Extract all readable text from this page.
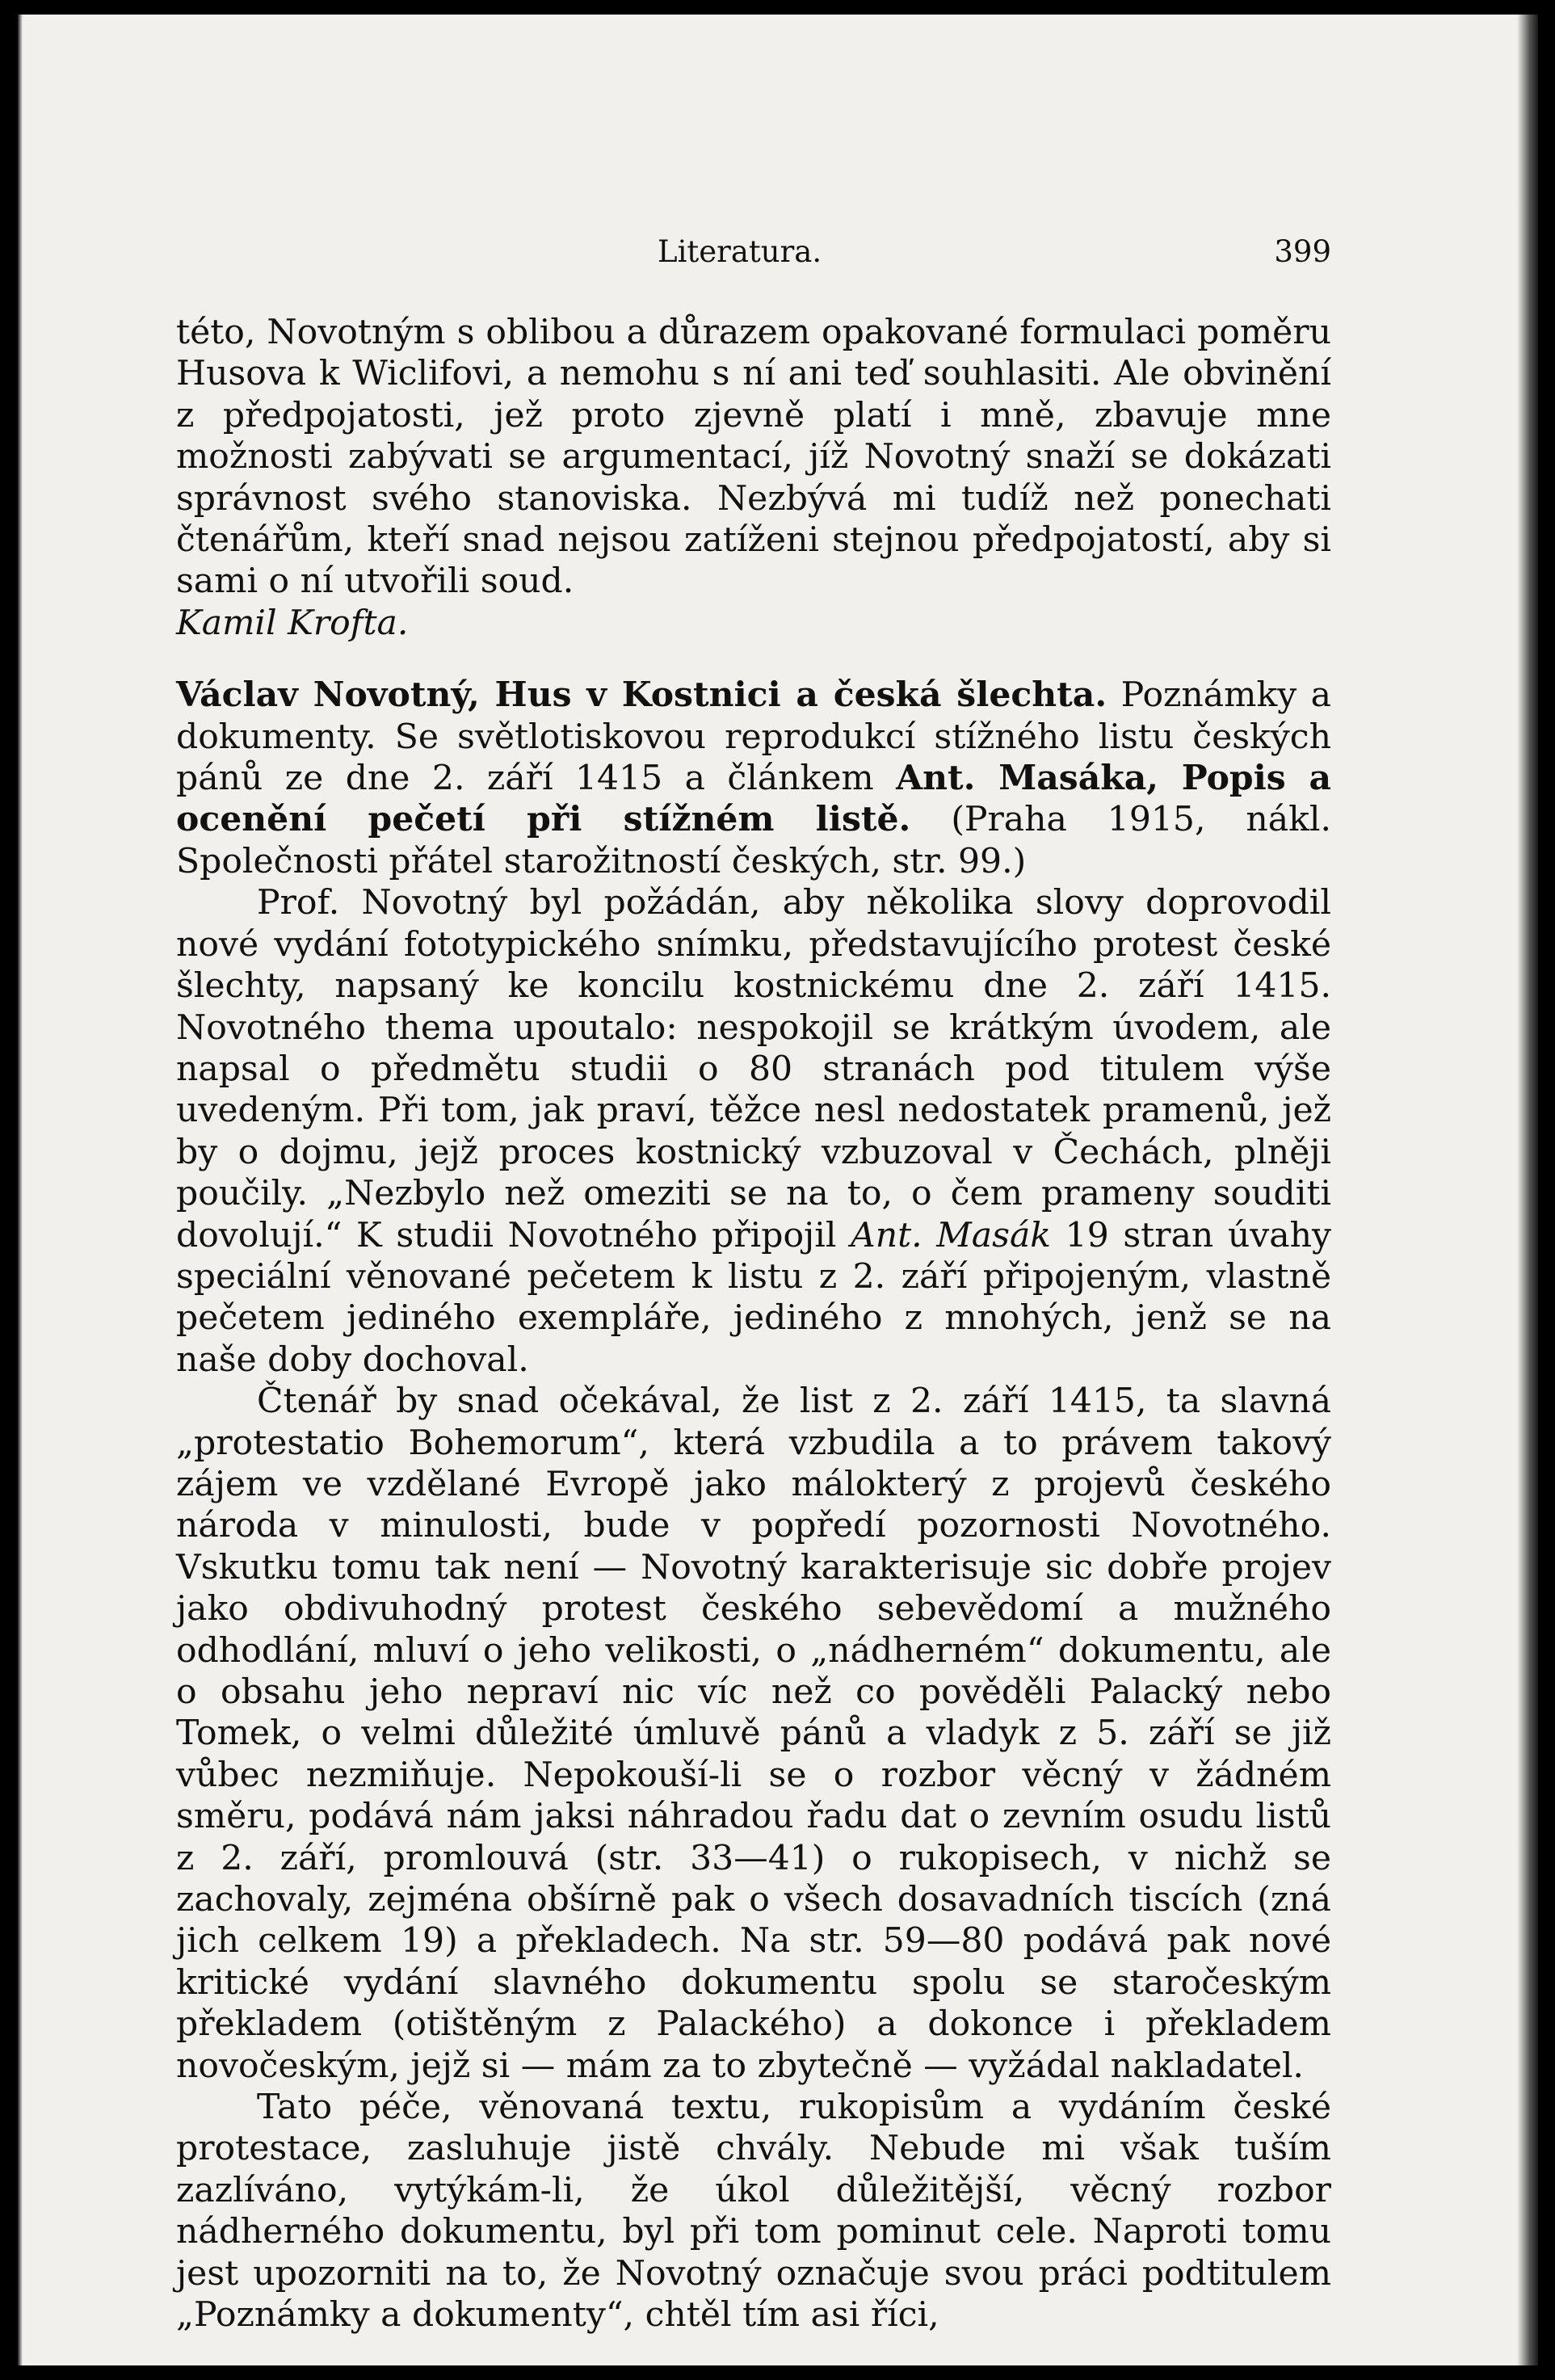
Literatura.	399

této, Novotným s oblibou a důrazem opakované formulaci poměru Husova k Wiclifovi, a nemohu s ní ani teď souhlasiti. Ale obvinění z předpojatosti, jež proto zjevně platí i mně, zbavuje mne možnosti zabývati se argumentací, jíž Novotný snaží se dokázati správnost svého stanoviska. Nezbývá mi tudíž než ponechati čtenářům, kteří snad nejsou zatíženi stejnou předpojatostí, aby si sami o ní utvořili soud.

Kamil Krofta.

Václav Novotný, Hus v Kostnici a česká šlechta. Poznámky a dokumenty. Se světlotiskovou reprodukcí stížného listu českých pánů ze dne 2. září 1415 a článkem Ant. Masáka, Popis a ocenění pečetí při stížném listě. (Praha 1915, nákl. Společnosti přátel starožitností českých, str. 99.)

Prof. Novotný byl požádán, aby několika slovy doprovodil nové vydání fototypického snímku, představujícího protest české šlechty, napsaný ke koncilu kostnickému dne 2. září 1415. Novotného thema upoutalo: nespokojil se krátkým úvodem, ale napsal o předmětu studii o 80 stranách pod titulem výše uvedeným. Při tom, jak praví, těžce nesl nedostatek pramenů, jež by o dojmu, jejž proces kostnický vzbuzoval v Čechách, plněji poučily. „Nezbylo než omeziti se na to, o čem prameny souditi dovolují.“ K studii Novotného připojil Ant. Masák 19 stran úvahy speciální věnované pečetem k listu z 2. září připojeným, vlastně pečetem jediného exempláře, jediného z mnohých, jenž se na naše doby dochoval.

Čtenář by snad očekával, že list z 2. září 1415, ta slavná „protestatio Bohemorum“, která vzbudila a to právem takový zájem ve vzdělané Evropě jako málokterý z projevů českého národa v minulosti, bude v popředí pozornosti Novotného. Vskutku tomu tak není — Novotný karakterisuje sic dobře projev jako obdivuhodný protest českého sebevědomí a mužného odhodlání, mluví o jeho velikosti, o „nádherném“ dokumentu, ale o obsahu jeho nepraví nic víc než co pověděli Palacký nebo Tomek, o velmi důležité úmluvě pánů a vladyk z 5. září se již vůbec nezmiňuje. Nepokouší-li se o rozbor věcný v žádném směru, podává nám jaksi náhradou řadu dat o zevním osudu listů z 2. září, promlouvá (str. 33—41) o rukopisech, v nichž se zachovaly, zejména obšírně pak o všech dosavadních tiscích (zná jich celkem 19) a překladech. Na str. 59—80 podává pak nové kritické vydání slavného dokumentu spolu se staročeským překladem (otištěným z Palackého) a dokonce i překladem novočeským, jejž si — mám za to zbytečně — vyžádal nakladatel.

Tato péče, věnovaná textu, rukopisům a vydáním české protestace, zasluhuje jistě chvály. Nebude mi však tuším zazlíváno, vytýkám-li, že úkol důležitější, věcný rozbor nádherného dokumentu, byl při tom pominut cele. Naproti tomu jest upozorniti na to, že Novotný označuje svou práci podtitulem „Poznámky a dokumenty“, chtěl tím asi říci,
